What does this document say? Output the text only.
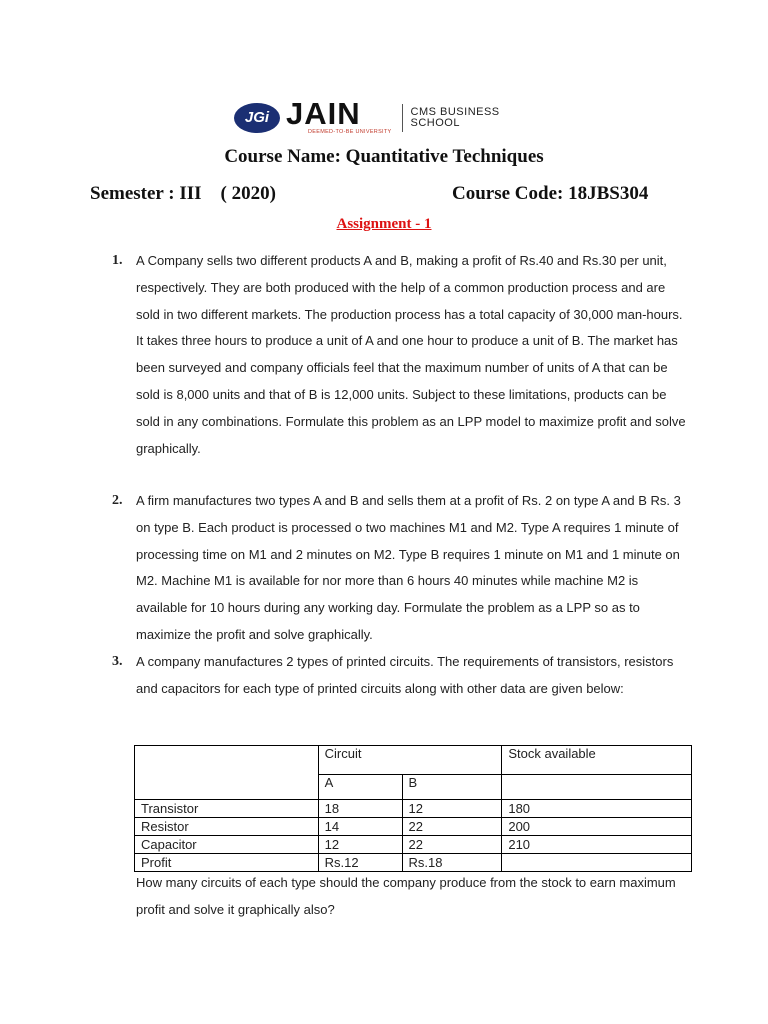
JGi JAIN
DEEMED-TO-BE UNIVERSITY
CMS BUSINESS
SCHOOL
Course Name: Quantitative Techniques
Semester : III    ( 2020)	Course Code: 18JBS304
Assignment - 1
1.	A Company sells two different products A and B, making a profit of Rs.40 and Rs.30 per unit, respectively. They are both produced with the help of a common production process and are sold in two different markets. The production process has a total capacity of 30,000 man-hours. It takes three hours to produce a unit of A and one hour to produce a unit of B. The market has been surveyed and company officials feel that the maximum number of units of A that can be sold is 8,000 units and that of B is 12,000 units. Subject to these limitations, products can be sold in any combinations. Formulate this problem as an LPP model to maximize profit and solve graphically.
2.	A firm manufactures two types A and B and sells them at a profit of Rs. 2 on type A and B Rs. 3 on type B. Each product is processed o two machines M1 and M2. Type A requires 1 minute of processing time on M1 and 2 minutes on M2. Type B requires 1 minute on M1 and 1 minute on M2. Machine M1 is available for nor more than 6 hours 40 minutes while machine M2 is available for 10 hours during any working day. Formulate the problem as a LPP so as to maximize the profit and solve graphically.
3.	A company manufactures 2 types of printed circuits. The requirements of transistors, resistors and capacitors for each type of printed circuits along with other data are given below:
	Circuit		Stock available
	A	B	
Transistor	18	12	180
Resistor	14	22	200
Capacitor	12	22	210
Profit	Rs.12	Rs.18	
How many circuits of each type should the company produce from the stock to earn maximum profit and solve it graphically also?
